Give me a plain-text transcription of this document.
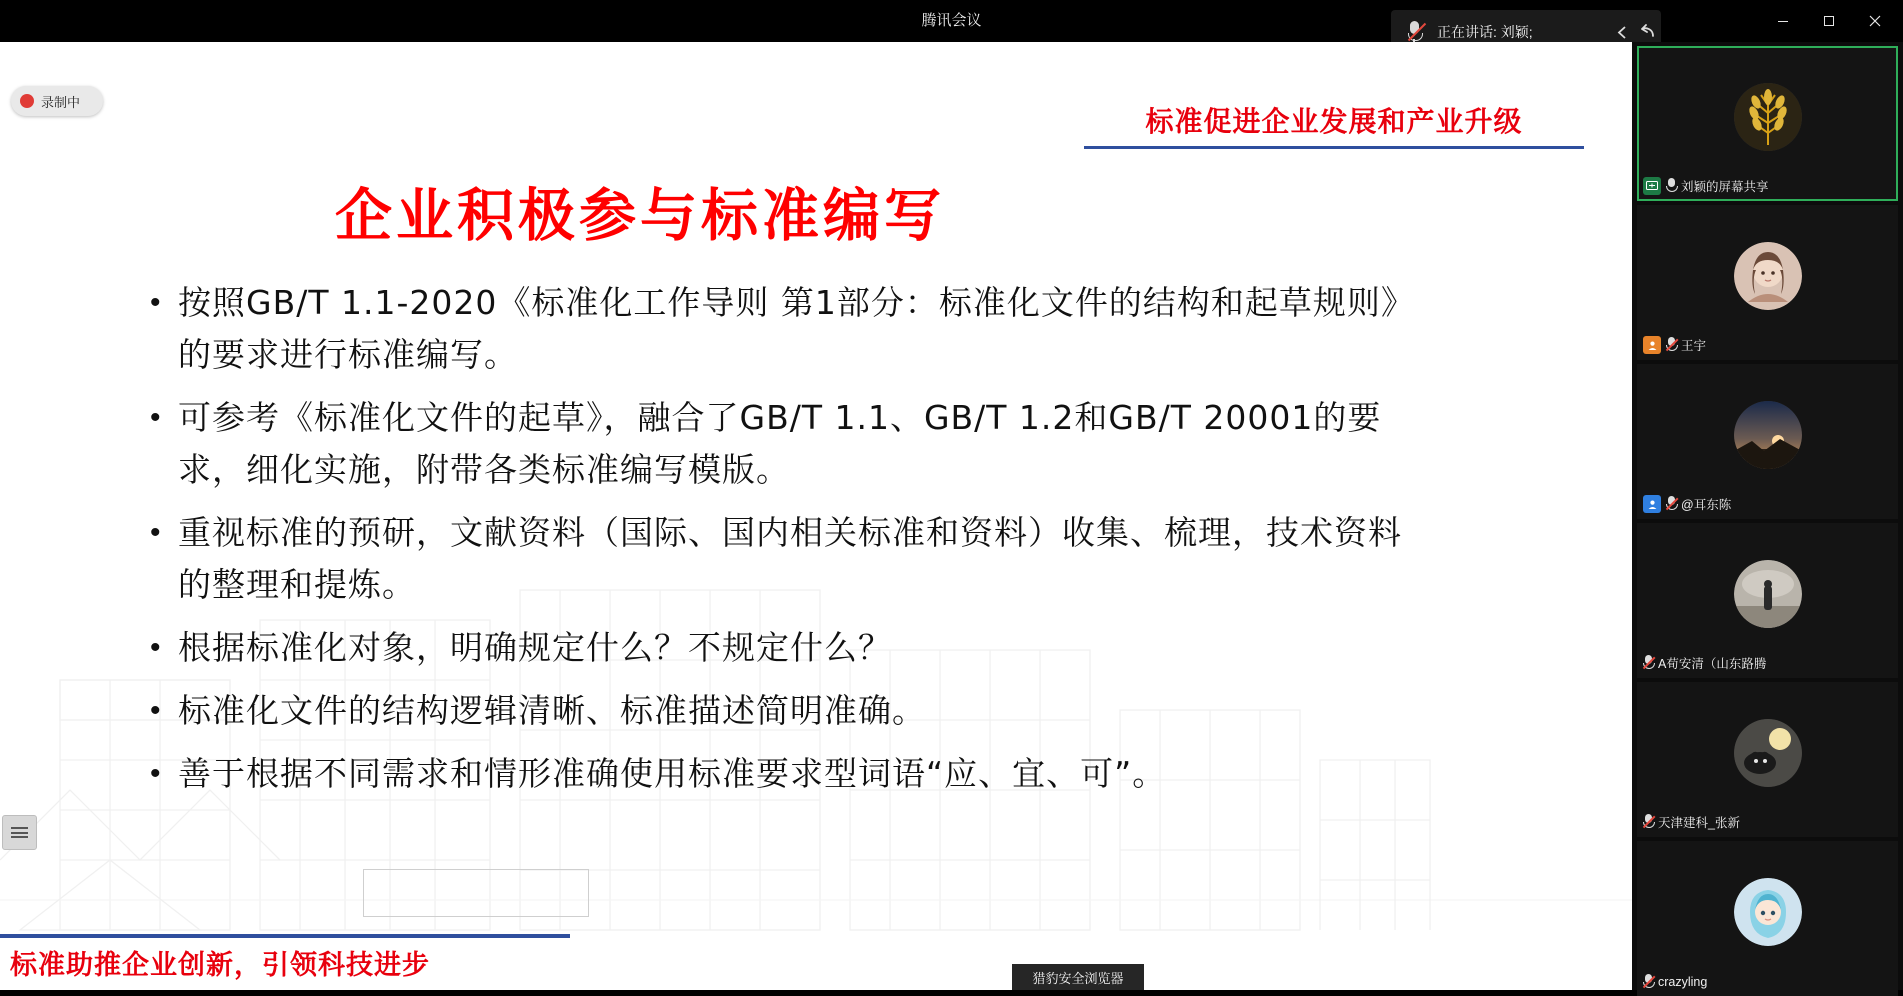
腾讯会议
正在讲话: 刘颖;
录制中
标准促进企业发展和产业升级
企业积极参与标准编写
• 按照GB/T 1.1-2020《标准化工作导则 第1部分：标准化文件的结构和起草规则》的要求进行标准编写。
• 可参考《标准化文件的起草》，融合了GB/T 1.1、GB/T 1.2和GB/T 20001的要求，细化实施，附带各类标准编写模版。
• 重视标准的预研，文献资料（国际、国内相关标准和资料）收集、梳理，技术资料的整理和提炼。
• 根据标准化对象，明确规定什么？不规定什么？
• 标准化文件的结构逻辑清晰、标准描述简明准确。
• 善于根据不同需求和情形准确使用标准要求型词语“应、宜、可”。
标准助推企业创新，引领科技进步	猎豹安全浏览器
刘颖的屏幕共享
王宇
@耳东陈
A荀安清（山东路腾
天津建科_张新
crazyling
